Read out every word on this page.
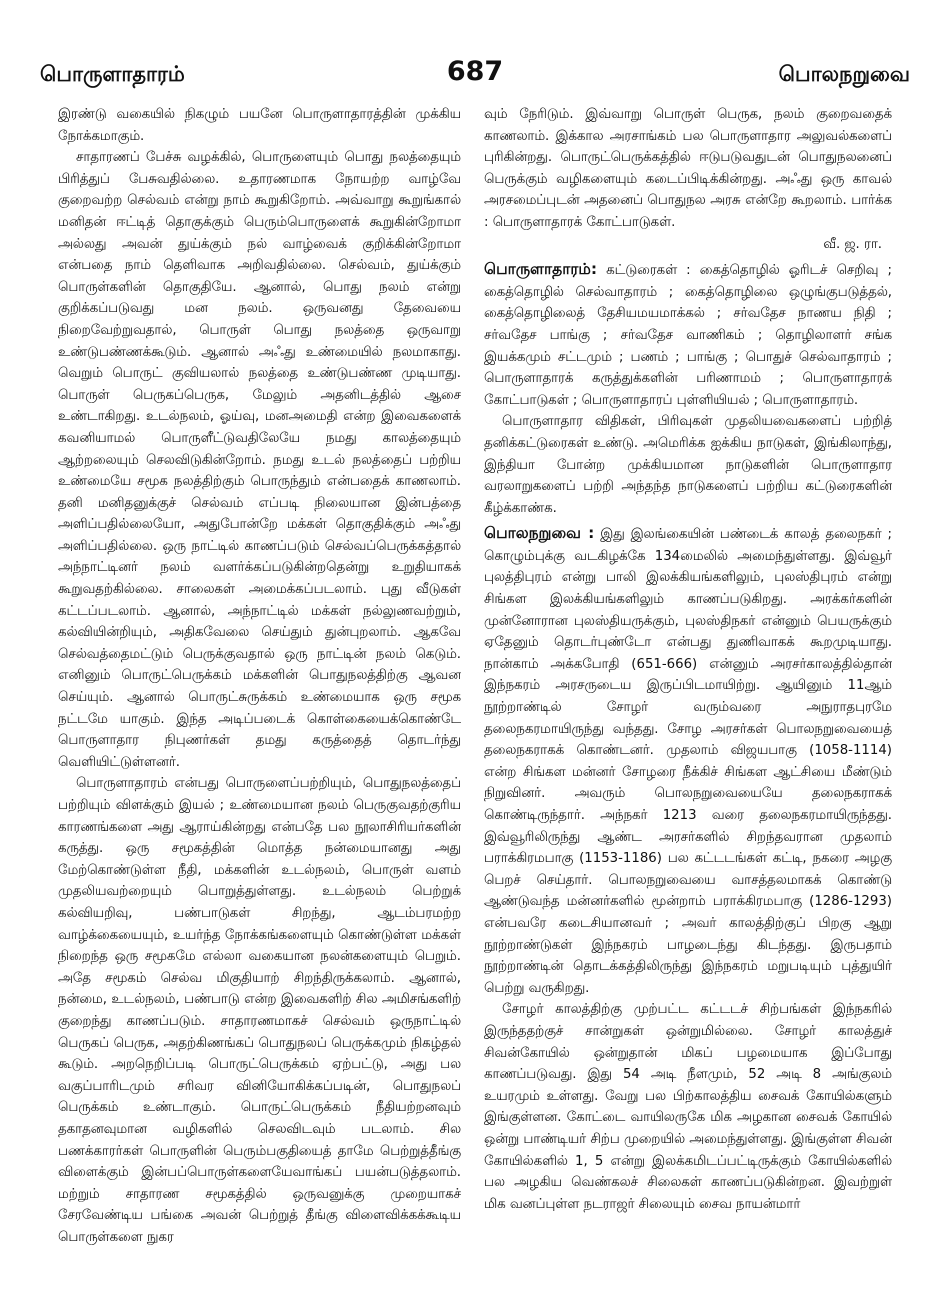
பொருளாதாரம்	687	பொலநறுவை

இரண்டு வகையில் நிகழும் பயனே பொருளாதாரத்தின் முக்கிய நோக்கமாகும்.

சாதாரணப் பேச்சு வழக்கில், பொருளையும் பொது நலத்தையும் பிரித்துப் பேசுவதில்லை. உதாரணமாக நோயற்ற வாழ்வே குறைவற்ற செல்வம் என்று நாம் கூறுகிறோம். அவ்வாறு கூறுங்கால் மனிதன் ஈட்டித் தொகுக்கும் பெரும்பொருளைக் கூறுகின்றோமா அல்லது அவன் துய்க்கும் நல் வாழ்வைக் குறிக்கின்றோமா என்பதை நாம் தெளிவாக அறிவதில்லை. செல்வம், துய்க்கும் பொருள்களின் தொகுதியே. ஆனால், பொது நலம் என்று குறிக்கப்படுவது மன நலம். ஒருவனது தேவையை நிறைவேற்றுவதால், பொருள் பொது நலத்தை ஒருவாறு உண்டுபண்ணக்கூடும். ஆனால் அஃது உண்மையில் நலமாகாது. வெறும் பொருட் குவியலால் நலத்தை உண்டுபண்ண முடியாது. பொருள் பெருகப்பெருக, மேலும் அதனிடத்தில் ஆசை உண்டாகிறது. உடல்நலம், ஓய்வு, மனஅமைதி என்ற இவைகளைக் கவனியாமல் பொருளீட்டுவதிலேயே நமது காலத்தையும் ஆற்றலையும் செலவிடுகின்றோம். நமது உடல் நலத்தைப் பற்றிய உண்மையே சமூக நலத்திற்கும் பொருந்தும் என்பதைக் காணலாம். தனி மனிதனுக்குச் செல்வம் எப்படி நிலையான இன்பத்தை அளிப்பதில்லையோ, அதுபோன்றே மக்கள் தொகுதிக்கும் அஃது அளிப்பதில்லை. ஒரு நாட்டில் காணப்படும் செல்வப்பெருக்கத்தால் அந்நாட்டினர் நலம் வளர்க்கப்படுகின்றதென்று உறுதியாகக் கூறுவதற்கில்லை. சாலைகள் அமைக்கப்படலாம். புது வீடுகள் கட்டப்படலாம். ஆனால், அந்நாட்டில் மக்கள் நல்லுணவற்றும், கல்வியின்றியும், அதிகவேலை செய்தும் துன்புறலாம். ஆகவே செல்வத்தைமட்டும் பெருக்குவதால் ஒரு நாட்டின் நலம் கெடும். எனினும் பொருட்பெருக்கம் மக்களின் பொதுநலத்திற்கு ஆவன செய்யும். ஆனால் பொருட்சுருக்கம் உண்மையாக ஒரு சமூக நட்டமே யாகும். இந்த அடிப்படைக் கொள்கையைக்கொண்டே பொருளாதார நிபுணர்கள் தமது கருத்தைத் தொடர்ந்து வெளியிட்டுள்ளனர்.

பொருளாதாரம் என்பது பொருளைப்பற்றியும், பொதுநலத்தைப் பற்றியும் விளக்கும் இயல் ; உண்மையான நலம் பெருகுவதற்குரிய காரணங்களை அது ஆராய்கின்றது என்பதே பல நூலாசிரியர்களின் கருத்து. ஒரு சமூகத்தின் மொத்த நன்மையானது அது மேற்கொண்டுள்ள நீதி, மக்களின் உடல்நலம், பொருள் வளம் முதலியவற்றையும் பொறுத்துள்ளது. உடல்நலம் பெற்றுக் கல்வியறிவு, பண்பாடுகள் சிறந்து, ஆடம்பரமற்ற வாழ்க்கையையும், உயர்ந்த நோக்கங்களையும் கொண்டுள்ள மக்கள் நிறைந்த ஒரு சமூகமே எல்லா வகையான நலன்களையும் பெறும். அதே சமூகம் செல்வ மிகுதியாற் சிறந்திருக்கலாம். ஆனால், நன்மை, உடல்நலம், பண்பாடு என்ற இவைகளிற் சில அமிசங்களிற் குறைந்து காணப்படும். சாதாரணமாகச் செல்வம் ஒருநாட்டில் பெருகப் பெருக, அதற்கிணங்கப் பொதுநலப் பெருக்கமும் நிகழ்தல் கூடும். அறநெறிப்படி பொருட்பெருக்கம் ஏற்பட்டு, அது பல வகுப்பாரிடமும் சரிவர வினியோகிக்கப்படின், பொதுநலப் பெருக்கம் உண்டாகும். பொருட்பெருக்கம் நீதியற்றனவும் தகாதனவுமான வழிகளில் செலவிடவும் படலாம். சில பணக்காரர்கள் பொருளின் பெரும்பகுதியைத் தாமே பெற்றுத்தீங்கு விளைக்கும் இன்பப்பொருள்களையேவாங்கப் பயன்படுத்தலாம். மற்றும் சாதாரண சமூகத்தில் ஒருவனுக்கு முறையாகச் சேரவேண்டிய பங்கை அவன் பெற்றுத் தீங்கு விளைவிக்கக்கூடிய பொருள்களை நுகர

வும் நேரிடும். இவ்வாறு பொருள் பெருக, நலம் குறைவதைக் காணலாம். இக்கால அரசாங்கம் பல பொருளாதார அலுவல்களைப் புரிகின்றது. பொருட்பெருக்கத்தில் ஈடுபடுவதுடன் பொதுநலனைப் பெருக்கும் வழிகளையும் கடைப்பிடிக்கின்றது. அஃது ஒரு காவல் அரசமைப்புடன் அதனைப் பொதுநல அரசு என்றே கூறலாம். பார்க்க : பொருளாதாரக் கோட்பாடுகள்.

வீ. ஜ. ரா.

பொருளாதாரம்: கட்டுரைகள் : கைத்தொழில் ஓரிடச் செறிவு ; கைத்தொழில் செல்வாதாரம் ; கைத்தொழிலை ஒழுங்குபடுத்தல், கைத்தொழிலைத் தேசியமயமாக்கல் ; சர்வதேச நாணய நிதி ; சர்வதேச பாங்கு ; சர்வதேச வாணிகம் ; தொழிலாளர் சங்க இயக்கமும் சட்டமும் ; பணம் ; பாங்கு ; பொதுச் செல்வாதாரம் ; பொருளாதாரக் கருத்துக்களின் பரிணாமம் ; பொருளாதாரக் கோட்பாடுகள் ; பொருளாதாரப் புள்ளியியல் ; பொருளாதாரம்.

பொருளாதார விதிகள், பிரிவுகள் முதலியவைகளைப் பற்றித் தனிக்கட்டுரைகள் உண்டு. அமெரிக்க ஐக்கிய நாடுகள், இங்கிலாந்து, இந்தியா போன்ற முக்கியமான நாடுகளின் பொருளாதார வரலாறுகளைப் பற்றி அந்தந்த நாடுகளைப் பற்றிய கட்டுரைகளின் கீழ்க்காண்க.

பொலநறுவை : இது இலங்கையின் பண்டைக் காலத் தலைநகர் ; கொழும்புக்கு வடகிழக்கே 134மைலில் அமைந்துள்ளது. இவ்வூர் புலத்திபுரம் என்று பாலி இலக்கியங்களிலும், புலஸ்திபுரம் என்று சிங்கள இலக்கியங்களிலும் காணப்படுகிறது. அரக்கர்களின் முன்னோரான புலஸ்தியருக்கும், புலஸ்திநகர் என்னும் பெயருக்கும் ஏதேனும் தொடர்புண்டோ என்பது துணிவாகக் கூறமுடியாது. நான்காம் அக்கபோதி (651-666) என்னும் அரசர்காலத்தில்தான் இந்நகரம் அரசருடைய இருப்பிடமாயிற்று. ஆயினும் 11ஆம் நூற்றாண்டில் சோழர் வரும்வரை அநுராதபுரமே தலைநகரமாயிருந்து வந்தது. சோழ அரசர்கள் பொலநறுவையைத் தலைநகராகக் கொண்டனர். முதலாம் விஜயபாகு (1058-1114) என்ற சிங்கள மன்னர் சோழரை நீக்கிச் சிங்கள ஆட்சியை மீண்டும் நிறுவினர். அவரும் பொலநறுவையையே தலைநகராகக் கொண்டிருந்தார். அந்நகர் 1213 வரை தலைநகரமாயிருந்தது. இவ்வூரிலிருந்து ஆண்ட அரசர்களில் சிறந்தவரான முதலாம் பராக்கிரமபாகு (1153-1186) பல கட்டடங்கள் கட்டி, நகரை அழகு பெறச் செய்தார். பொலநறுவையை வாசத்தலமாகக் கொண்டு ஆண்டுவந்த மன்னர்களில் மூன்றாம் பராக்கிரமபாகு (1286-1293) என்பவரே கடைசியானவர் ; அவர் காலத்திற்குப் பிறகு ஆறு நூற்றாண்டுகள் இந்நகரம் பாழடைந்து கிடந்தது. இருபதாம் நூற்றாண்டின் தொடக்கத்திலிருந்து இந்நகரம் மறுபடியும் புத்துயிர் பெற்று வருகிறது.

சோழர் காலத்திற்கு முற்பட்ட கட்டடச் சிற்பங்கள் இந்நகரில் இருந்ததற்குச் சான்றுகள் ஒன்றுமில்லை. சோழர் காலத்துச் சிவன்கோயில் ஒன்றுதான் மிகப் பழமையாக இப்போது காணப்படுவது. இது 54 அடி நீளமும், 52 அடி 8 அங்குலம் உயரமும் உள்ளது. வேறு பல பிற்காலத்திய சைவக் கோயில்களும் இங்குள்ளன. கோட்டை வாயிலருகே மிக அழகான சைவக் கோயில் ஒன்று பாண்டியர் சிற்ப முறையில் அமைந்துள்ளது. இங்குள்ள சிவன் கோயில்களில் 1, 5 என்று இலக்கமிடப்பட்டிருக்கும் கோயில்களில் பல அழகிய வெண்கலச் சிலைகள் காணப்படுகின்றன. இவற்றுள் மிக வனப்புள்ள நடராஜர் சிலையும் சைவ நாயன்மார்
